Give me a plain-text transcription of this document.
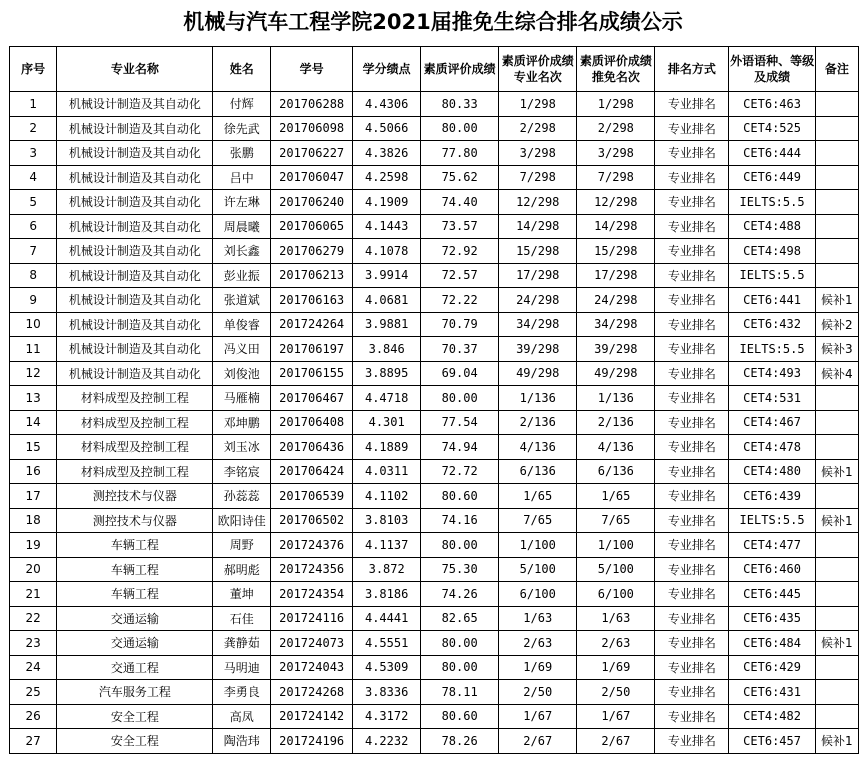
机械与汽车工程学院2021届推免生综合排名成绩公示
序号	专业名称	姓名	学号	学分绩点	素质评价成绩	素质评价成绩专业名次	素质评价成绩推免名次	排名方式	外语语种、等级及成绩	备注
1	机械设计制造及其自动化	付辉	201706288	4.4306	80.33	1/298	1/298	专业排名	CET6:463	
2	机械设计制造及其自动化	徐先武	201706098	4.5066	80.00	2/298	2/298	专业排名	CET4:525	
3	机械设计制造及其自动化	张鹏	201706227	4.3826	77.80	3/298	3/298	专业排名	CET6:444	
4	机械设计制造及其自动化	吕中	201706047	4.2598	75.62	7/298	7/298	专业排名	CET6:449	
5	机械设计制造及其自动化	许左琳	201706240	4.1909	74.40	12/298	12/298	专业排名	IELTS:5.5	
6	机械设计制造及其自动化	周晨曦	201706065	4.1443	73.57	14/298	14/298	专业排名	CET4:488	
7	机械设计制造及其自动化	刘长鑫	201706279	4.1078	72.92	15/298	15/298	专业排名	CET4:498	
8	机械设计制造及其自动化	彭业振	201706213	3.9914	72.57	17/298	17/298	专业排名	IELTS:5.5	
9	机械设计制造及其自动化	张道斌	201706163	4.0681	72.22	24/298	24/298	专业排名	CET6:441	候补1
10	机械设计制造及其自动化	单俊睿	201724264	3.9881	70.79	34/298	34/298	专业排名	CET6:432	候补2
11	机械设计制造及其自动化	冯义田	201706197	3.846	70.37	39/298	39/298	专业排名	IELTS:5.5	候补3
12	机械设计制造及其自动化	刘俊池	201706155	3.8895	69.04	49/298	49/298	专业排名	CET4:493	候补4
13	材料成型及控制工程	马雁楠	201706467	4.4718	80.00	1/136	1/136	专业排名	CET4:531	
14	材料成型及控制工程	邓坤鹏	201706408	4.301	77.54	2/136	2/136	专业排名	CET4:467	
15	材料成型及控制工程	刘玉冰	201706436	4.1889	74.94	4/136	4/136	专业排名	CET4:478	
16	材料成型及控制工程	李铭宸	201706424	4.0311	72.72	6/136	6/136	专业排名	CET4:480	候补1
17	测控技术与仪器	孙蕊蕊	201706539	4.1102	80.60	1/65	1/65	专业排名	CET6:439	
18	测控技术与仪器	欧阳诗佳	201706502	3.8103	74.16	7/65	7/65	专业排名	IELTS:5.5	候补1
19	车辆工程	周野	201724376	4.1137	80.00	1/100	1/100	专业排名	CET4:477	
20	车辆工程	郝明彪	201724356	3.872	75.30	5/100	5/100	专业排名	CET6:460	
21	车辆工程	董坤	201724354	3.8186	74.26	6/100	6/100	专业排名	CET6:445	
22	交通运输	石佳	201724116	4.4441	82.65	1/63	1/63	专业排名	CET6:435	
23	交通运输	龚静茹	201724073	4.5551	80.00	2/63	2/63	专业排名	CET6:484	候补1
24	交通工程	马明迪	201724043	4.5309	80.00	1/69	1/69	专业排名	CET6:429	
25	汽车服务工程	李勇良	201724268	3.8336	78.11	2/50	2/50	专业排名	CET6:431	
26	安全工程	高凤	201724142	4.3172	80.60	1/67	1/67	专业排名	CET4:482	
27	安全工程	陶浩玮	201724196	4.2232	78.26	2/67	2/67	专业排名	CET6:457	候补1
